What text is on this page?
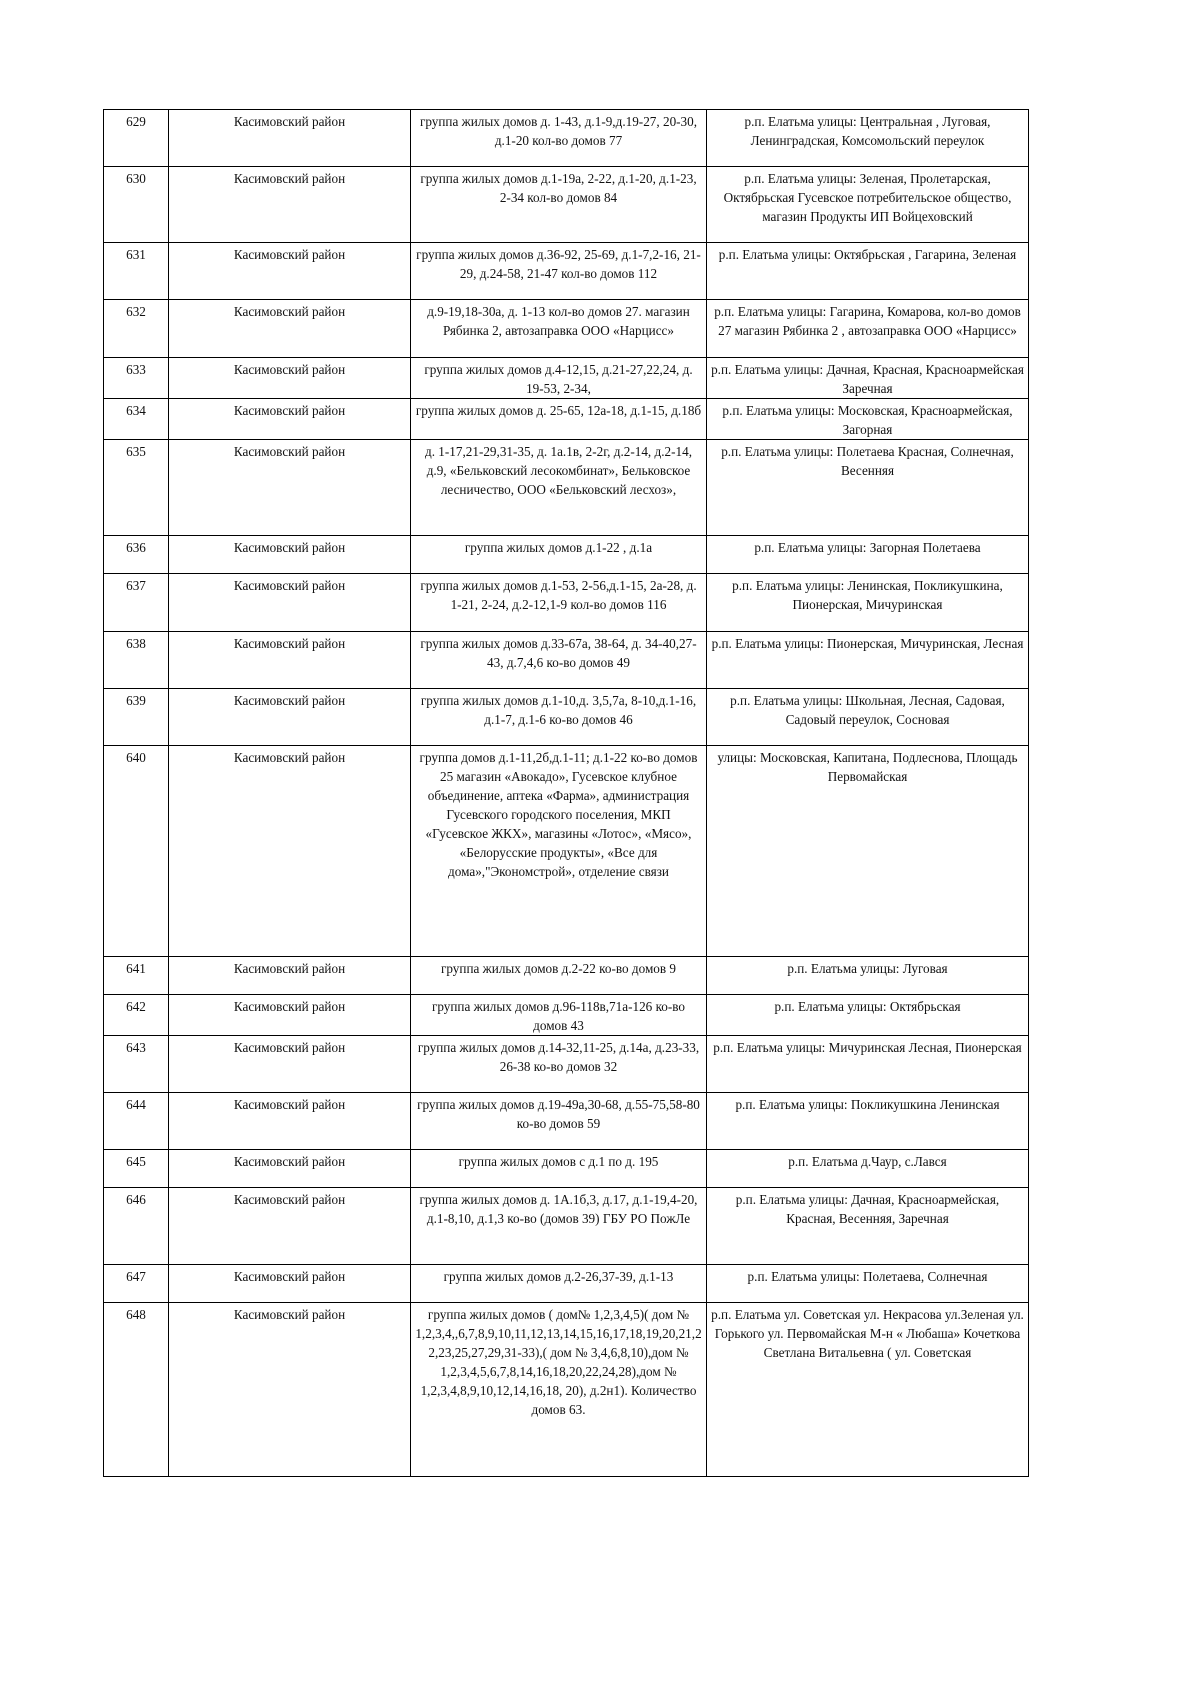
629	Касимовский район	группа жилых домов д. 1-43, д.1-9,д.19-27, 20-30, д.1-20 кол-во домов 77	р.п. Елатьма улицы: Центральная , Луговая, Ленинградская, Комсомольский переулок
630	Касимовский район	группа жилых домов д.1-19а, 2-22, д.1-20, д.1-23, 2-34 кол-во домов 84	р.п. Елатьма улицы: Зеленая, Пролетарская, Октябрьская Гусевское потребительское общество, магазин Продукты ИП Войцеховский
631	Касимовский район	группа жилых домов д.36-92, 25-69, д.1-7,2-16, 21-29, д.24-58, 21-47 кол-во домов 112	р.п. Елатьма улицы: Октябрьская , Гагарина, Зеленая
632	Касимовский район	д.9-19,18-30а, д. 1-13 кол-во домов 27. магазин Рябинка 2, автозаправка ООО «Нарцисс»	р.п. Елатьма улицы: Гагарина, Комарова, кол-во домов 27 магазин Рябинка 2 , автозаправка ООО «Нарцисс»
633	Касимовский район	группа жилых домов д.4-12,15, д.21-27,22,24, д. 19-53, 2-34,	р.п. Елатьма улицы: Дачная, Красная, Красноармейская Заречная
634	Касимовский район	группа жилых домов д. 25-65, 12а-18, д.1-15, д.18б	р.п. Елатьма улицы: Московская, Красноармейская, Загорная
635	Касимовский район	д. 1-17,21-29,31-35, д. 1а.1в, 2-2г, д.2-14, д.2-14, д.9, «Бельковский лесокомбинат», Бельковское лесничество, ООО «Бельковский лесхоз»,	р.п. Елатьма улицы: Полетаева Красная, Солнечная, Весенняя
636	Касимовский район	группа жилых домов д.1-22 , д.1а	р.п. Елатьма улицы: Загорная Полетаева
637	Касимовский район	группа жилых домов д.1-53, 2-56,д.1-15, 2а-28, д. 1-21, 2-24, д.2-12,1-9 кол-во домов 116	р.п. Елатьма улицы: Ленинская, Покликушкина, Пионерская, Мичуринская
638	Касимовский район	группа жилых домов д.33-67а, 38-64, д. 34-40,27-43, д.7,4,6 ко-во домов 49	р.п. Елатьма улицы: Пионерская, Мичуринская, Лесная
639	Касимовский район	группа жилых домов д.1-10,д. 3,5,7а, 8-10,д.1-16, д.1-7, д.1-6 ко-во домов 46	р.п. Елатьма улицы: Школьная, Лесная, Садовая, Садовый переулок, Сосновая
640	Касимовский район	группа домов д.1-11,2б,д.1-11; д.1-22 ко-во домов 25 магазин «Авокадо», Гусевское клубное объединение, аптека «Фарма», администрация Гусевского городского поселения, МКП «Гусевское ЖКХ», магазины «Лотос», «Мясо», «Белорусские продукты», «Все для дома»,"Экономстрой», отделение связи	улицы: Московская, Капитана, Подлеснова, Площадь Первомайская
641	Касимовский район	группа жилых домов д.2-22 ко-во домов 9	р.п. Елатьма улицы: Луговая
642	Касимовский район	группа жилых домов д.96-118в,71а-126 ко-во домов 43	р.п. Елатьма улицы: Октябрьская
643	Касимовский район	группа жилых домов д.14-32,11-25, д.14а, д.23-33, 26-38 ко-во домов 32	р.п. Елатьма улицы: Мичуринская Лесная, Пионерская
644	Касимовский район	группа жилых домов д.19-49а,30-68, д.55-75,58-80 ко-во домов 59	р.п. Елатьма улицы: Покликушкина Ленинская
645	Касимовский район	группа жилых домов с д.1 по д. 195	р.п. Елатьма д.Чаур, с.Лався
646	Касимовский район	группа жилых домов д. 1А.1б,3, д.17, д.1-19,4-20, д.1-8,10, д.1,3 ко-во (домов 39) ГБУ РО ПожЛе	р.п. Елатьма улицы: Дачная, Красноармейская, Красная, Весенняя, Заречная
647	Касимовский район	группа жилых домов д.2-26,37-39, д.1-13	р.п. Елатьма улицы: Полетаева, Солнечная
648	Касимовский район	группа жилых домов ( дом№ 1,2,3,4,5)( дом № 1,2,3,4,,6,7,8,9,10,11,12,13,14,15,16,17,18,19,20,21,22,23,25,27,29,31-33),( дом № 3,4,6,8,10),дом № 1,2,3,4,5,6,7,8,14,16,18,20,22,24,28),дом № 1,2,3,4,8,9,10,12,14,16,18, 20), д.2н1). Количество домов 63.	р.п. Елатьма ул. Советская ул. Некрасова ул.Зеленая ул. Горького ул. Первомайская М-н « Любаша» Кочеткова Светлана Витальевна ( ул. Советская
